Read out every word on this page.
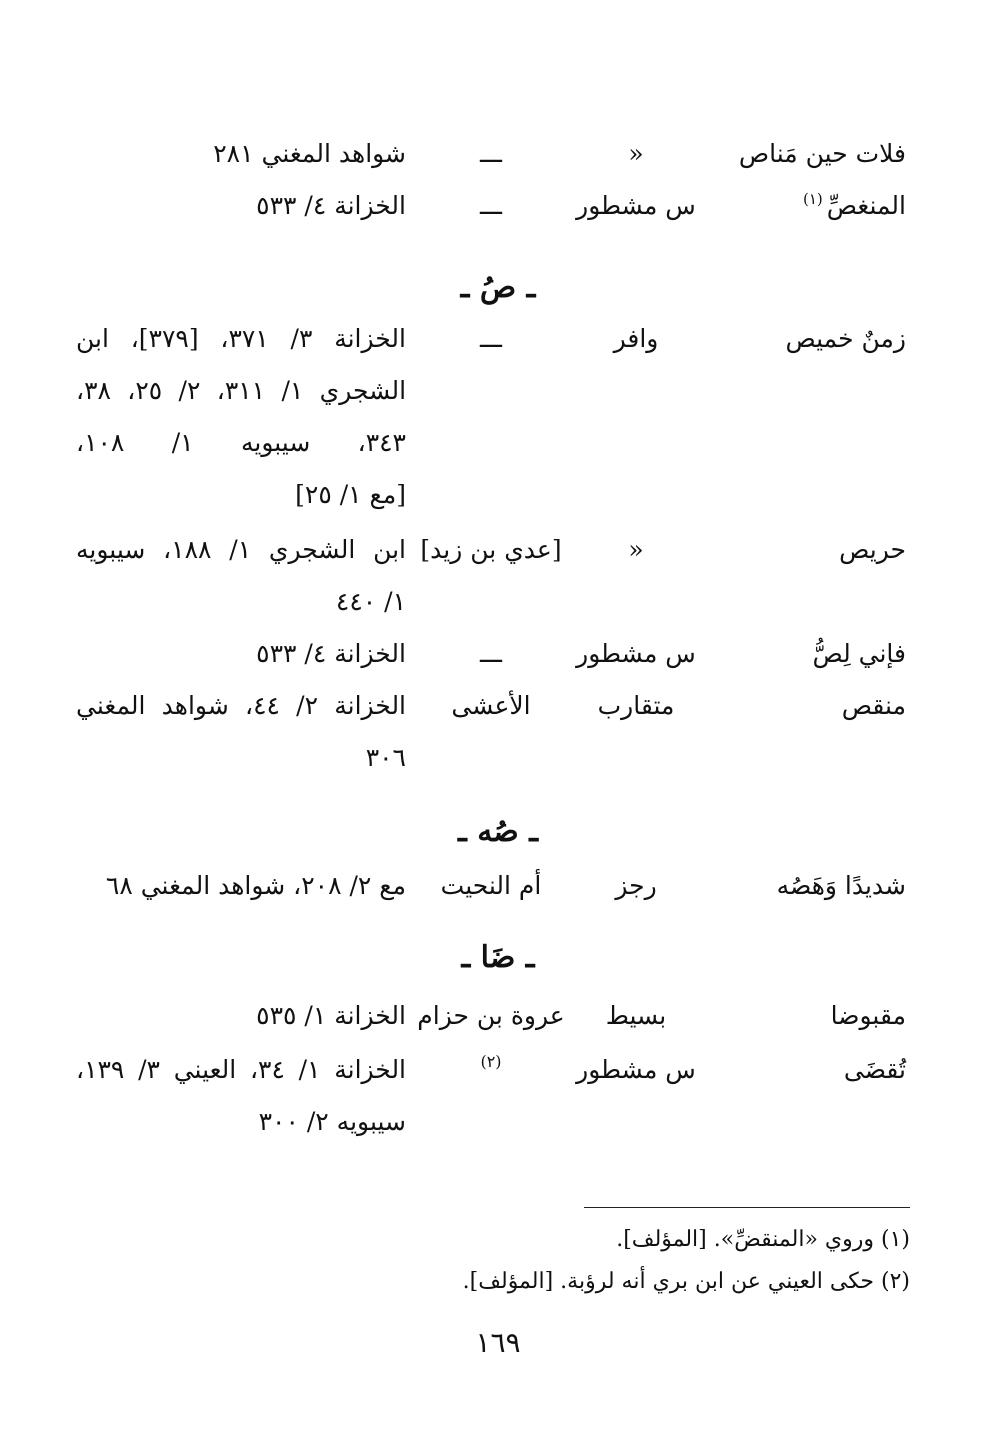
فلات حين مَناص
«
ـــ
شواهد المغني ٢٨١
المنغصِّ$^{(١)}$
س مشطور
ـــ
الخزانة ٤/ ٥٣٣
ـ صُ ـ
زمنٌ خميص
وافر
ـــ
الخزانة ٣/ ٣٧١، [٣٧٩]، ابن
الشجري ١/ ٣١١، ٢/ ٢٥، ٣٨،
٣٤٣، سيبويه ١/ ١٠٨،
[مع ١/ ٢٥]
حريص
«
[عدي بن زيد]
ابن الشجري ١/ ١٨٨، سيبويه
١/ ٤٤٠
فإني لِصُّ
س مشطور
ـــ
الخزانة ٤/ ٥٣٣
منقص
متقارب
الأعشى
الخزانة ٢/ ٤٤، شواهد المغني
٣٠٦
ـ صُه ـ
شديدًا وَهَصُه
رجز
أم النحيت
مع ٢/ ٢٠٨، شواهد المغني ٦٨
ـ ضَا ـ
مقبوضا
بسيط
عروة بن حزام
الخزانة ١/ ٥٣٥
تُقضَى
س مشطور
(٢)
الخزانة ١/ ٣٤، العيني ٣/ ١٣٩،
سيبويه ٢/ ٣٠٠
(١) وروي «المنقضِّ». [المؤلف].
(٢) حكى العيني عن ابن بري أنه لرؤبة. [المؤلف].
١٦٩
